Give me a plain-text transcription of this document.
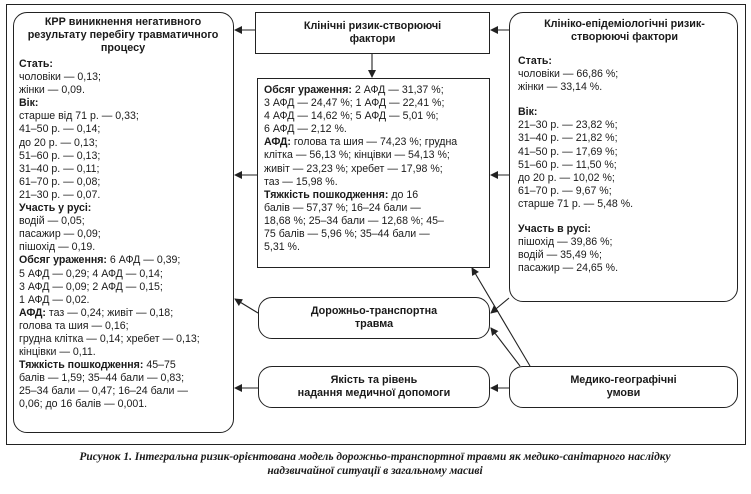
КРР виникнення негативного результату перебігу травматичного процесу
Стать:
чоловіки — 0,13;
жінки — 0,09.
Вік:
старше від 71 р. — 0,33;
41–50 р. — 0,14;
до 20 р. — 0,13;
51–60 р. — 0,13;
31–40 р. — 0,11;
61–70 р. — 0,08;
21–30 р. — 0,07.
Участь у русі:
водій — 0,05;
пасажир — 0,09;
пішохід — 0,19.
Обсяг ураження: 6 АФД — 0,39;
5 АФД — 0,29; 4 АФД — 0,14;
3 АФД — 0,09; 2 АФД — 0,15;
1 АФД — 0,02.
АФД: таз — 0,24; живіт — 0,18;
голова та шия — 0,16;
грудна клітка — 0,14; хребет — 0,13;
кінцівки — 0,11.
Тяжкість пошкодження: 45–75
балів — 1,59; 35–44 бали — 0,83;
25–34 бали — 0,47; 16–24 бали —
0,06; до 16 балів — 0,001.
Клінічні ризик-створюючі
фактори
Обсяг ураження: 2 АФД — 31,37 %;
3 АФД — 24,47 %; 1 АФД — 22,41 %;
4 АФД — 14,62 %; 5 АФД — 5,01 %;
6 АФД — 2,12 %.
АФД: голова та шия — 74,23 %; грудна
клітка — 56,13 %; кінцівки — 54,13 %;
живіт — 23,23 %; хребет — 17,98 %;
таз — 15,98 %.
Тяжкість пошкодження: до 16
балів — 57,37 %; 16–24 бали —
18,68 %; 25–34 бали — 12,68 %; 45–
75 балів — 5,96 %; 35–44 бали —
5,31 %.
Клініко-епідеміологічні ризик-
створюючі фактори
Стать:
чоловіки — 66,86 %;
жінки — 33,14 %.
Вік:
21–30 р. — 23,82 %;
31–40 р. — 21,82 %;
41–50 р. — 17,69 %;
51–60 р. — 11,50 %;
до 20 р. — 10,02 %;
61–70 р. — 9,67 %;
старше 71 р. — 5,48 %.
Участь в русі:
пішохід — 39,86 %;
водій — 35,49 %;
пасажир — 24,65 %.
Дорожньо-транспортна
травма
Якість та рівень
надання медичної допомоги
Медико-географічні
умови
Рисунок 1. Інтегральна ризик-орієнтована модель дорожньо-транспортної травми як медико-санітарного наслідку
надзвичайної ситуації в загальному масиві
